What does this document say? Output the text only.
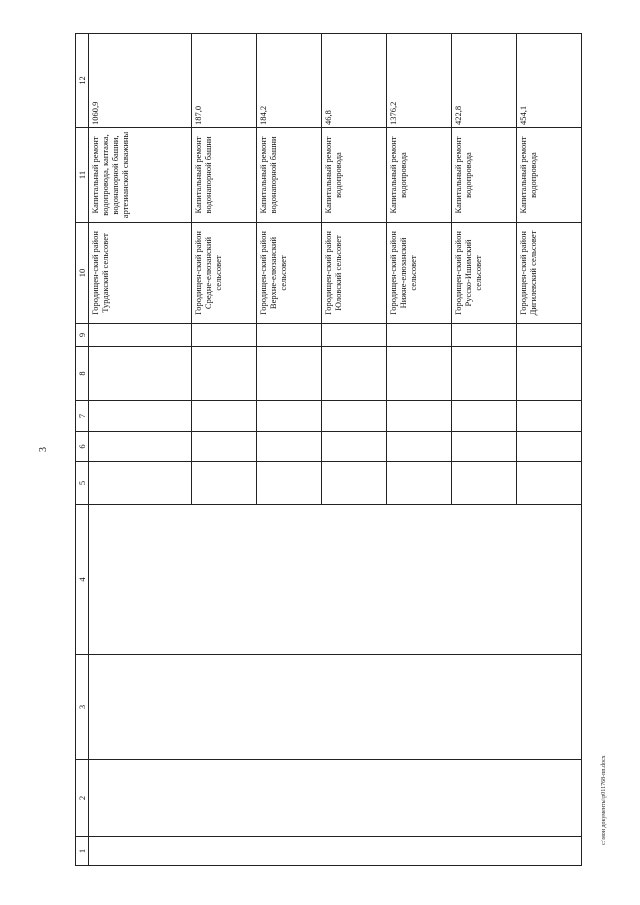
3
1	2	3	4	5	6	7	8	9	10	11	12
									Городищен-ский район Турдакский сельсовет	Капитальный ремонт водопровода, каптажа, водонапорной башни, артезианской скважины	1060,9
									Городищен-ский район Средне-елюзанский сельсовет	Капитальный ремонт водонапорной башни	187,0
									Городищен-ский район Верхне-елюзанский сельсовет	Капитальный ремонт водонапорной башни	184,2
									Городищен-ский район Юловский сельсовет	Капитальный ремонт водопровода	46,8
									Городищен-ский район Нижне-елюзанский сельсовет	Капитальный ремонт водопровода	1376,2
									Городищен-ский район Русско-Ишимский сельсовет	Капитальный ремонт водопровода	422,8
									Городищен-ский район Дигилевский сельсовет	Капитальный ремонт водопровода	454,1
c:\мои документы\р011768-пп.docx
